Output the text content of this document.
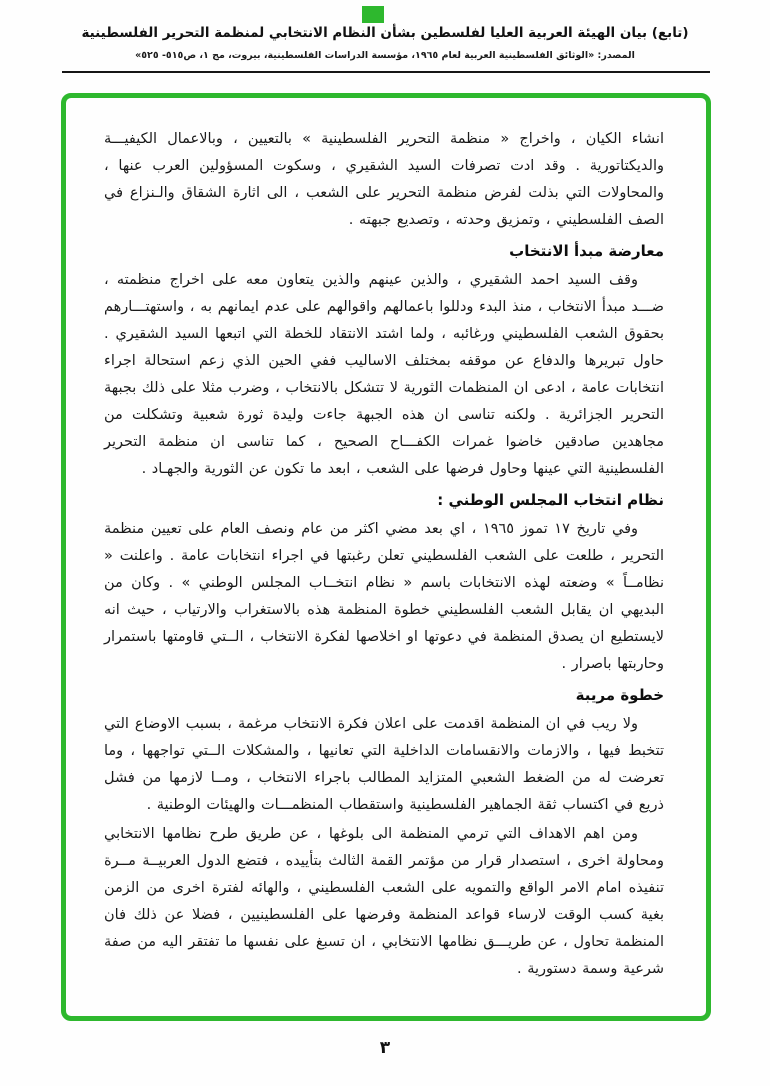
(تابع) بيان الهيئة العربية العليا لفلسطين بشأن النظام الانتخابي لمنظمة التحرير الفلسطينية
المصدر: «الوثائق الفلسطينية العربية لعام ١٩٦٥، مؤسسة الدراسات الفلسطينية، بيروت، مج ١، ص٥١٥- ٥٢٥»

انشاء الكيان ، واخراج « منظمة التحرير الفلسطينية » بالتعيين ، وبالاعمال الكيفيـــة والديكتاتورية . وقد ادت تصرفات السيد الشقيري ، وسكوت المسؤولين العرب عنها ، والمحاولات التي بذلت لفرض منظمة التحرير على الشعب ، الى اثارة الشقاق والـنزاع في الصف الفلسطيني ، وتمزيق وحدته ، وتصديع جبهته .

معارضة مبدأ الانتخاب

وقف السيد احمد الشقيري ، والذين عينهم والذين يتعاون معه على اخراج منظمته ، ضـــد مبدأ الانتخاب ، منذ البدء ودللوا باعمالهم واقوالهم على عدم ايمانهم به ، واستهتـــارهم بحقوق الشعب الفلسطيني ورغائبه ، ولما اشتد الانتقاد للخطة التي اتبعها السيد الشقيري . حاول تبريرها والدفاع عن موقفه بمختلف الاساليب ففي الحين الذي زعم استحالة اجراء انتخابات عامة ، ادعى ان المنظمات الثورية لا تتشكل بالانتخاب ، وضرب مثلا على ذلك بجبهة التحرير الجزائرية . ولكنه تناسى ان هذه الجبهة جاءت وليدة ثورة شعبية وتشكلت من مجاهدين صادقين خاضوا غمرات الكفـــاح الصحيح ، كما تناسى ان منظمة التحرير الفلسطينية التي عينها وحاول فرضها على الشعب ، ابعد ما تكون عن الثورية والجهـاد .

نظام انتخاب المجلس الوطني :

وفي تاريخ ١٧ تموز ١٩٦٥ ، اي بعد مضي اكثر من عام ونصف العام على تعيين منظمة التحرير ، طلعت على الشعب الفلسطيني تعلن رغبتها في اجراء انتخابات عامة . واعلنت « نظامــاً » وضعته لهذه الانتخابات باسم « نظام انتخــاب المجلس الوطني » . وكان من البديهي ان يقابل الشعب الفلسطيني خطوة المنظمة هذه بالاستغراب والارتياب ، حيث انه لايستطيع ان يصدق المنظمة في دعوتها او اخلاصها لفكرة الانتخاب ، الــتي قاومتها باستمرار وحاربتها باصرار .

خطوة مريبة

ولا ريب في ان المنظمة اقدمت على اعلان فكرة الانتخاب مرغمة ، بسبب الاوضاع التي تتخبط فيها ، والازمات والانقسامات الداخلية التي تعانيها ، والمشكلات الــتي تواجهها ، وما تعرضت له من الضغط الشعبي المتزايد المطالب باجراء الانتخاب ، ومــا لازمها من فشل ذريع في اكتساب ثقة الجماهير الفلسطينية واستقطاب المنظمـــات والهيئات الوطنية .

ومن اهم الاهداف التي ترمي المنظمة الى بلوغها ، عن طريق طرح نظامها الانتخابي ومحاولة اخرى ، استصدار قرار من مؤتمر القمة الثالث بتأييده ، فتضع الدول العربيــة مــرة تنفيذه امام الامر الواقع والتمويه على الشعب الفلسطيني ، والهائه لفترة اخرى من الزمن بغية كسب الوقت لارساء قواعد المنظمة وفرضها على الفلسطينيين ، فضلا عن ذلك فان المنظمة تحاول ، عن طريـــق نظامها الانتخابي ، ان تسبغ على نفسها ما تفتقر اليه من صفة شرعية وسمة دستورية .

٣
